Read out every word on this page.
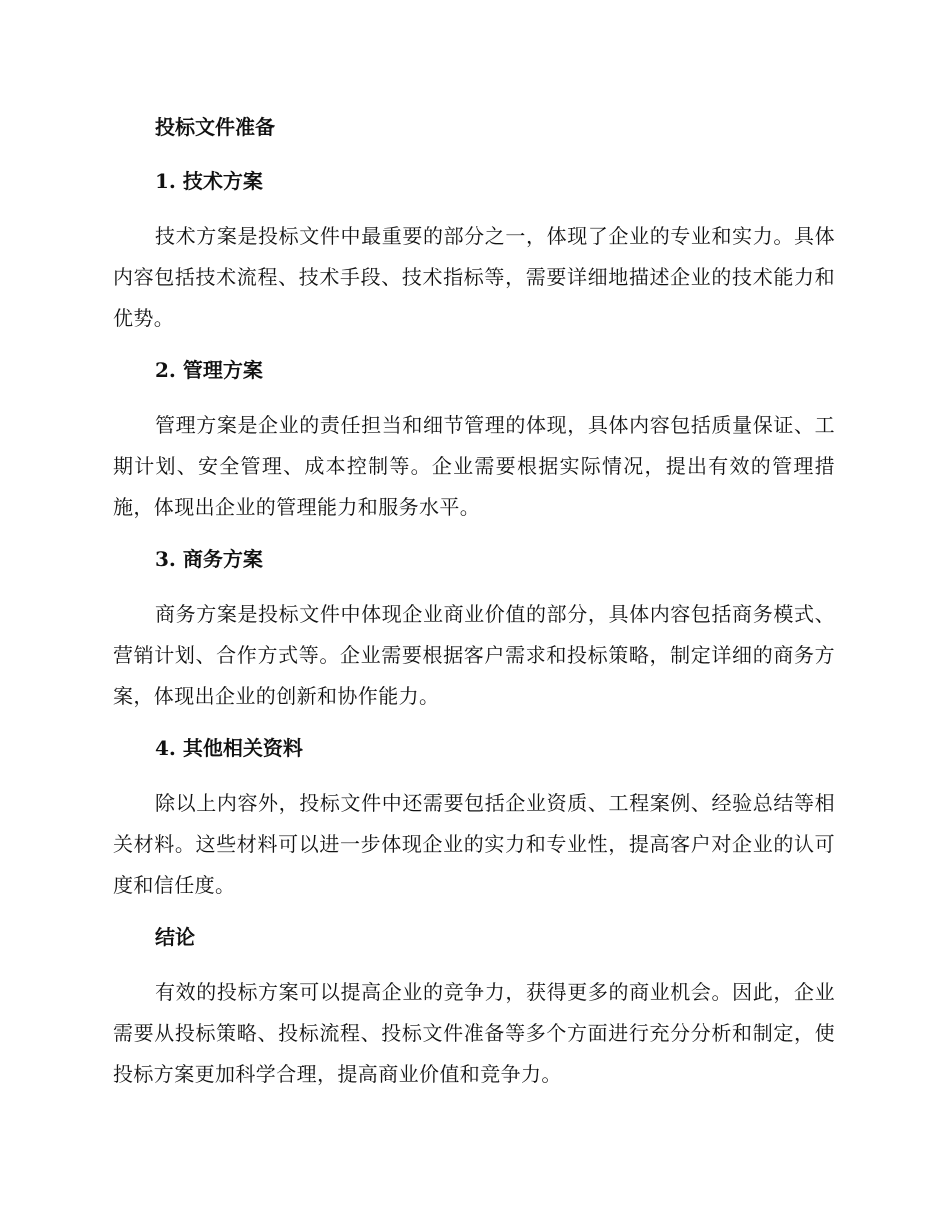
投标文件准备
1. 技术方案

技术方案是投标文件中最重要的部分之一，体现了企业的专业和实力。具体内容包括技术流程、技术手段、技术指标等，需要详细地描述企业的技术能力和优势。

2. 管理方案

管理方案是企业的责任担当和细节管理的体现，具体内容包括质量保证、工期计划、安全管理、成本控制等。企业需要根据实际情况，提出有效的管理措施，体现出企业的管理能力和服务水平。

3. 商务方案

商务方案是投标文件中体现企业商业价值的部分，具体内容包括商务模式、营销计划、合作方式等。企业需要根据客户需求和投标策略，制定详细的商务方案，体现出企业的创新和协作能力。

4. 其他相关资料

除以上内容外，投标文件中还需要包括企业资质、工程案例、经验总结等相关材料。这些材料可以进一步体现企业的实力和专业性，提高客户对企业的认可度和信任度。

结论

有效的投标方案可以提高企业的竞争力，获得更多的商业机会。因此，企业需要从投标策略、投标流程、投标文件准备等多个方面进行充分分析和制定，使投标方案更加科学合理，提高商业价值和竞争力。
